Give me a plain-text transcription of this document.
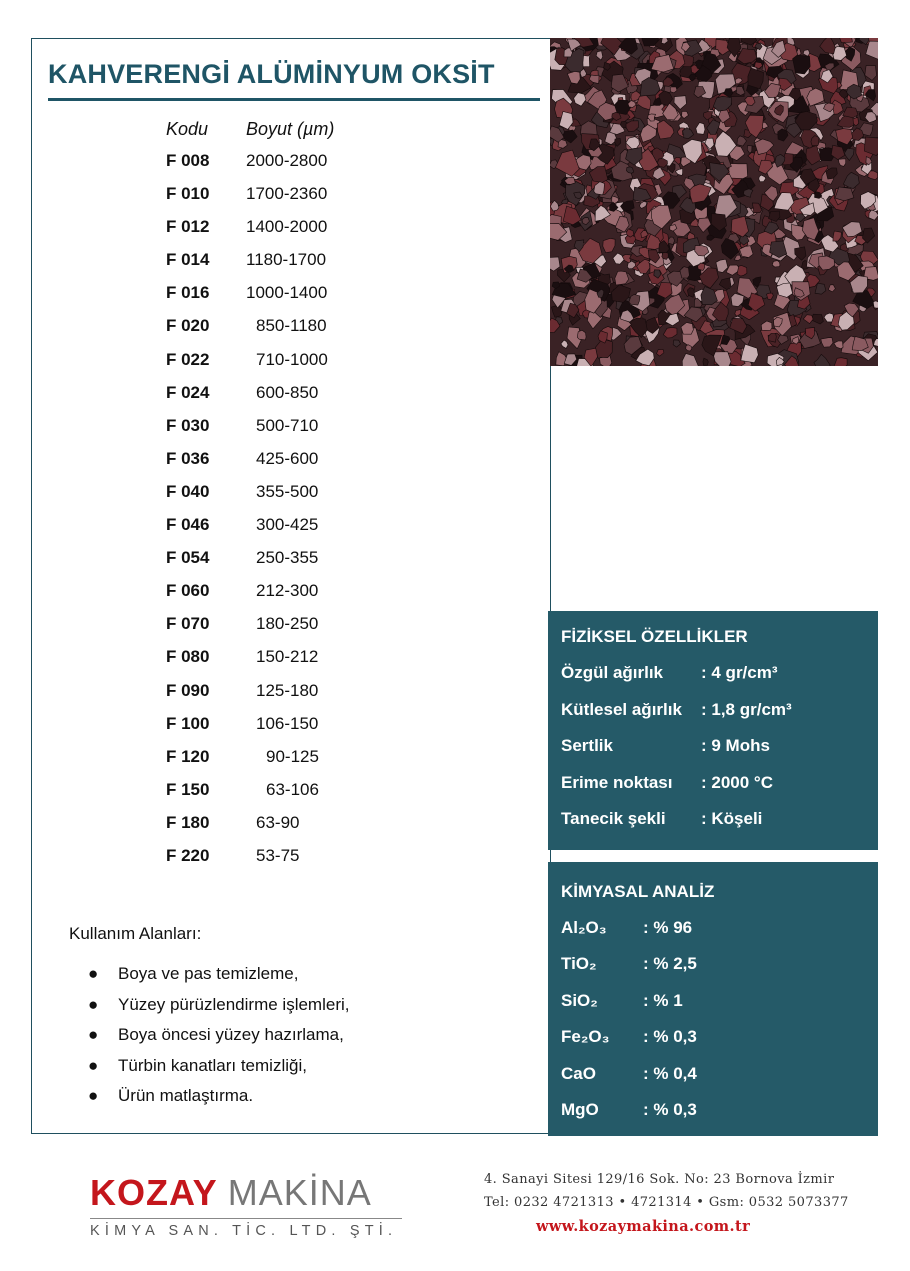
KAHVERENGİ ALÜMİNYUM OKSİT
Kodu Boyut (µm)
F 008 2000-2800
F 010 1700-2360
F 012 1400-2000
F 014 1180-1700
F 016 1000-1400
F 020	850-1180
F 022	710-1000
F 024	600-850
F 030	500-710
F 036	425-600
F 040	355-500
F 046	300-425
F 054	250-355
F 060	212-300
F 070	180-250
F 080	150-212
F 090	125-180
F 100	106-150
F 120	90-125
F 150	63-106
F 180	63-90
F 220	53-75
Kullanım Alanları:
● Boya ve pas temizleme,
● Yüzey pürüzlendirme işlemleri,
● Boya öncesi yüzey hazırlama,
● Türbin kanatları temizliği,
● Ürün matlaştırma.
FİZİKSEL ÖZELLİKLER
Özgül ağırlık : 4 gr/cm³
Kütlesel ağırlık : 1,8 gr/cm³
Sertlik	: 9 Mohs
Erime noktası : 2000 °C
Tanecik şekli : Köşeli
KİMYASAL ANALİZ
Al₂O₃ : % 96
TiO₂	: % 2,5
SiO₂	: % 1
Fe₂O₃ : % 0,3
CaO	: % 0,4
MgO	: % 0,3
KOZAY MAKİNA
KİMYA SAN. TİC. LTD. ŞTİ.
4. Sanayi Sitesi 129/16 Sok. No: 23 Bornova İzmir
Tel: 0232 4721313 • 4721314 • Gsm: 0532 5073377
www.kozaymakina.com.tr
